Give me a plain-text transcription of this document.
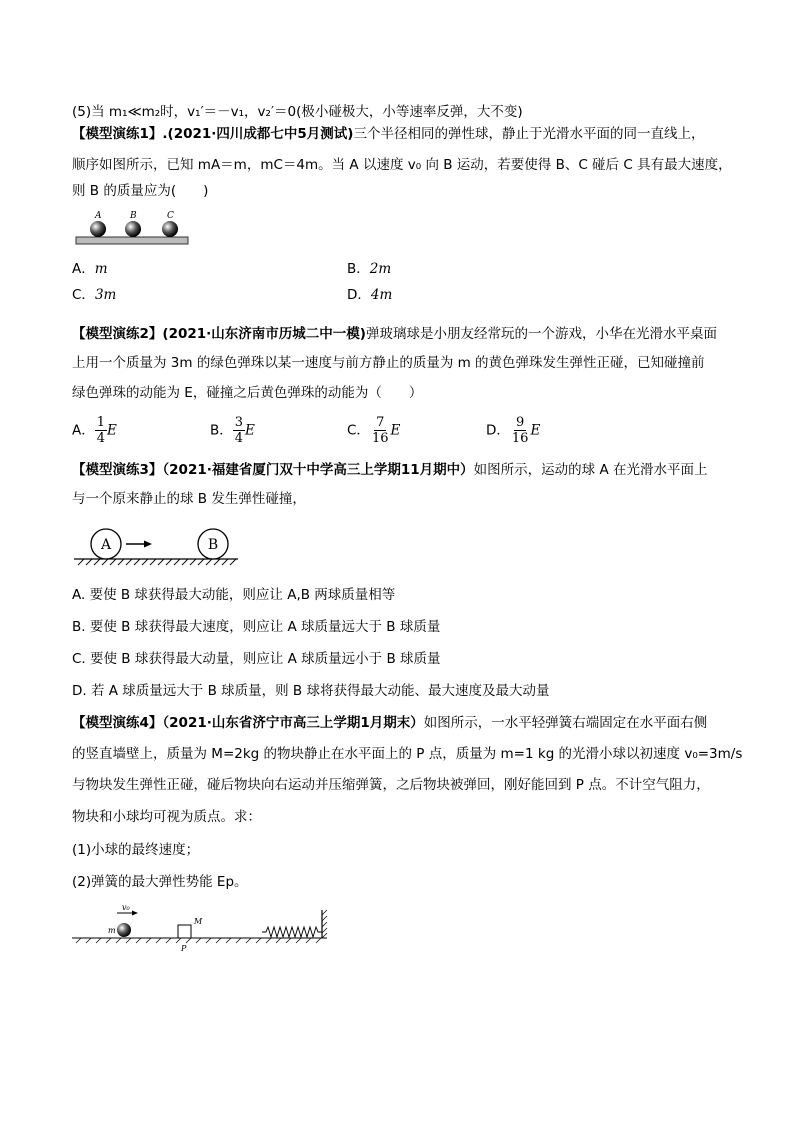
(5)当 m₁≪m₂时，v₁′＝－v₁，v₂′＝0(极小碰极大，小等速率反弹，大不变)
【模型演练1】.(2021·四川成都七中5月测试)三个半径相同的弹性球，静止于光滑水平面的同一直线上，
顺序如图所示，已知 mA＝m，mC＝4m。当 A 以速度 v₀ 向 B 运动，若要使得 B、C 碰后 C 具有最大速度，
则 B 的质量应为(　　)
A	B	C
A．m	B．2m
C．3m	D．4m
【模型演练2】(2021·山东济南市历城二中一模)弹玻璃球是小朋友经常玩的一个游戏，小华在光滑水平桌面
上用一个质量为 3m 的绿色弹珠以某一速度与前方静止的质量为 m 的黄色弹珠发生弹性正碰，已知碰撞前
绿色弹珠的动能为 E，碰撞之后黄色弹珠的动能为（　　）
A． $\frac{1}{4}$ E	B． $\frac{3}{4}$ E	C． $\frac{7}{16}$ E	D． $\frac{9}{16}$ E
【模型演练3】（2021·福建省厦门双十中学高三上学期11月期中）如图所示，运动的球 A 在光滑水平面上
与一个原来静止的球 B 发生弹性碰撞，
A	B
A. 要使 B 球获得最大动能，则应让 A,B 两球质量相等
B. 要使 B 球获得最大速度，则应让 A 球质量远大于 B 球质量
C. 要使 B 球获得最大动量，则应让 A 球质量远小于 B 球质量
D. 若 A 球质量远大于 B 球质量，则 B 球将获得最大动能、最大速度及最大动量
【模型演练4】（2021·山东省济宁市高三上学期1月期末）如图所示，一水平轻弹簧右端固定在水平面右侧
的竖直墙壁上，质量为 M=2kg 的物块静止在水平面上的 P 点，质量为 m=1 kg 的光滑小球以初速度 v₀=3m/s
与物块发生弹性正碰，碰后物块向右运动并压缩弹簧，之后物块被弹回，刚好能回到 P 点。不计空气阻力，
物块和小球均可视为质点。求：
(1)小球的最终速度；
(2)弹簧的最大弹性势能 Ep。
v₀
m
M
P
